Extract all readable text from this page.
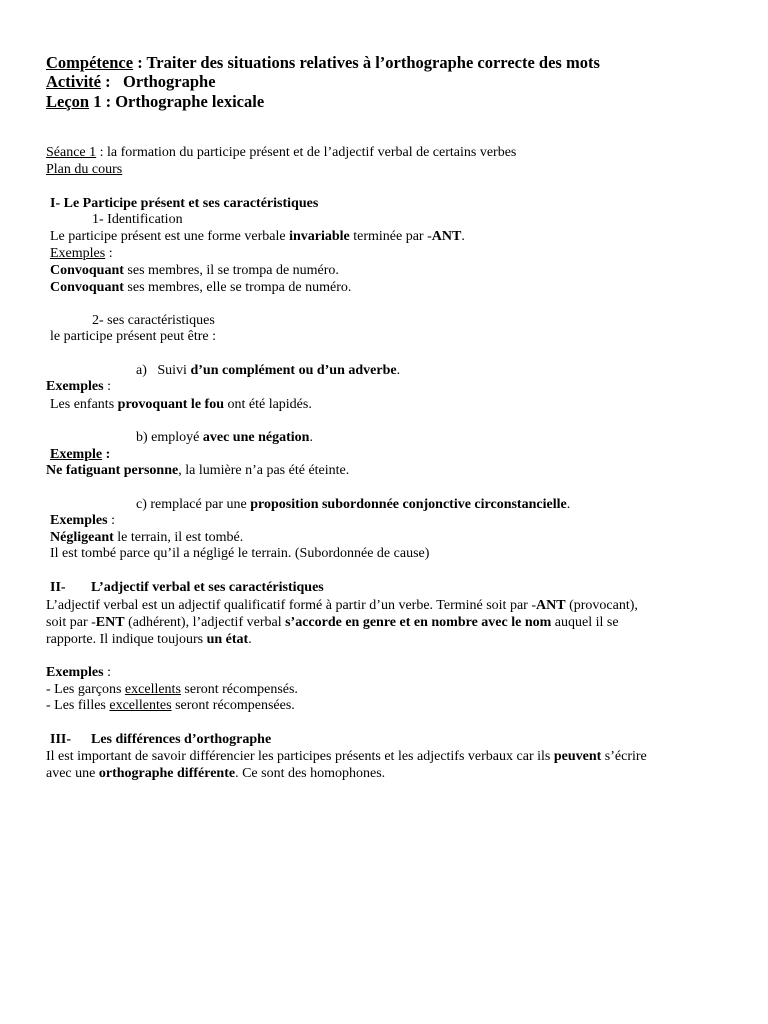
Compétence : Traiter des situations relatives à l’orthographe correcte des mots
Activité :   Orthographe
Leçon 1 : Orthographe lexicale
Séance 1 : la formation du participe présent et de l’adjectif verbal de certains verbes
Plan du cours
I- Le Participe présent et ses caractéristiques
1- Identification
Le participe présent est une forme verbale invariable terminée par -ANT.
Exemples :
Convoquant ses membres, il se trompa de numéro.
Convoquant ses membres, elle se trompa de numéro.
2- ses caractéristiques
le participe présent peut être :
a)   Suivi d’un complément ou d’un adverbe.
Exemples :
Les enfants provoquant le fou ont été lapidés.
b) employé avec une négation.
Exemple :
Ne fatiguant personne, la lumière n’a pas été éteinte.
c) remplacé par une proposition subordonnée conjonctive circonstancielle.
Exemples :
Négligeant le terrain, il est tombé.
Il est tombé parce qu’il a négligé le terrain. (Subordonnée de cause)
II- L’adjectif verbal et ses caractéristiques
L’adjectif verbal est un adjectif qualificatif formé à partir d’un verbe. Terminé soit par -ANT (provocant),
soit par -ENT (adhérent), l’adjectif verbal s’accorde en genre et en nombre avec le nom auquel il se
rapporte. Il indique toujours un état.
Exemples :
- Les garçons excellents seront récompensés.
- Les filles excellentes seront récompensées.
III- Les différences d’orthographe
Il est important de savoir différencier les participes présents et les adjectifs verbaux car ils peuvent s’écrire
avec une orthographe différente. Ce sont des homophones.
